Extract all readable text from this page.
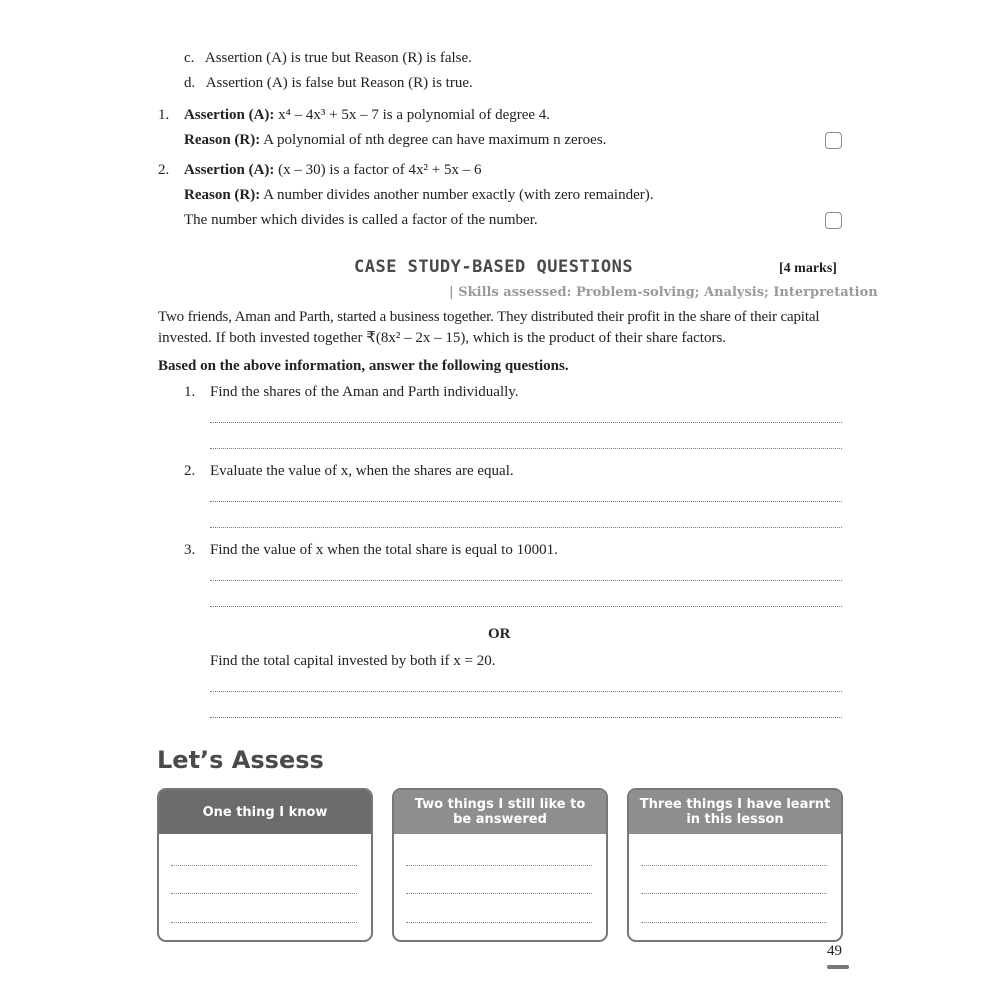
c. Assertion (A) is true but Reason (R) is false.
d. Assertion (A) is false but Reason (R) is true.
1. Assertion (A): x⁴ – 4x³ + 5x – 7 is a polynomial of degree 4.
Reason (R): A polynomial of nth degree can have maximum n zeroes.
2. Assertion (A): (x – 30) is a factor of 4x² + 5x – 6
Reason (R): A number divides another number exactly (with zero remainder).
The number which divides is called a factor of the number.
CASE STUDY-BASED QUESTIONS	[4 marks]
| Skills assessed: Problem-solving; Analysis; Interpretation
Two friends, Aman and Parth, started a business together. They distributed their profit in the share of their capital
invested. If both invested together ₹(8x² – 2x – 15), which is the product of their share factors.
Based on the above information, answer the following questions.
1. Find the shares of the Aman and Parth individually.
2. Evaluate the value of x, when the shares are equal.
3. Find the value of x when the total share is equal to 10001.
OR
Find the total capital invested by both if x = 20.
Let’s Assess
One thing I know	Two things I still like to be answered
Three things I have learnt in this lesson
49
